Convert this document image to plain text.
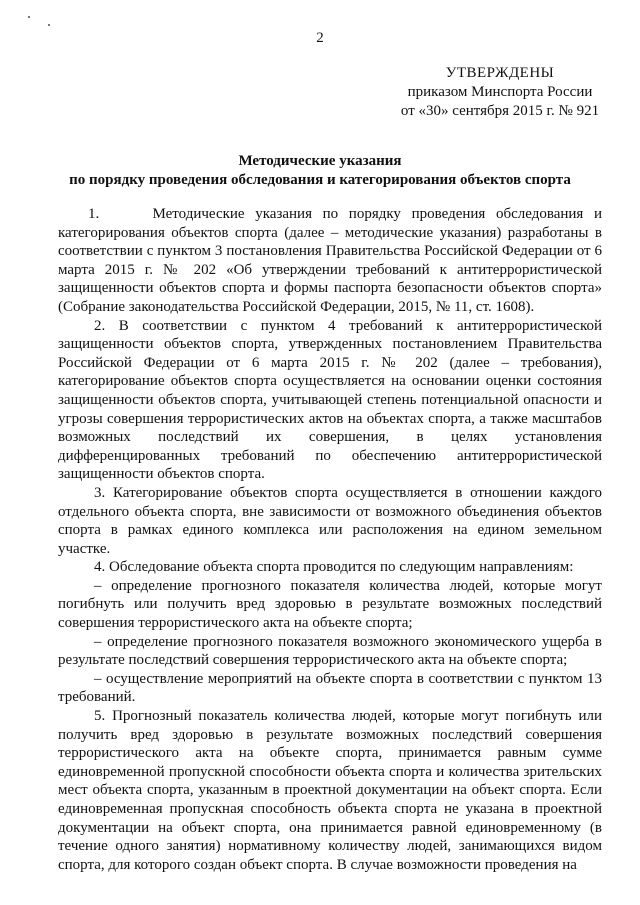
2
УТВЕРЖДЕНЫ
приказом Минспорта России
от «30» сентября 2015 г. № 921
Методические указания
по порядку проведения обследования и категорирования объектов спорта

1.     Методические указания по порядку проведения обследования и категорирования объектов спорта (далее – методические указания) разработаны в соответствии с пунктом 3 постановления Правительства Российской Федерации от 6 марта 2015 г. № 202 «Об утверждении требований к антитеррористической защищенности объектов спорта и формы паспорта безопасности объектов спорта» (Собрание законодательства Российской Федерации, 2015, № 11, ст. 1608).

2. В соответствии с пунктом 4 требований к антитеррористической защищенности объектов спорта, утвержденных постановлением Правительства Российской Федерации от 6 марта 2015 г. № 202 (далее – требования), категорирование объектов спорта осуществляется на основании оценки состояния защищенности объектов спорта, учитывающей степень потенциальной опасности и угрозы совершения террористических актов на объектах спорта, а также масштабов возможных последствий их совершения, в целях установления дифференцированных требований по обеспечению антитеррористической защищенности объектов спорта.

3. Категорирование объектов спорта осуществляется в отношении каждого отдельного объекта спорта, вне зависимости от возможного объединения объектов спорта в рамках единого комплекса или расположения на едином земельном участке.

4. Обследование объекта спорта проводится по следующим направлениям:

– определение прогнозного показателя количества людей, которые могут погибнуть или получить вред здоровью в результате возможных последствий совершения террористического акта на объекте спорта;

– определение прогнозного показателя возможного экономического ущерба в результате последствий совершения террористического акта на объекте спорта;

– осуществление мероприятий на объекте спорта в соответствии с пунктом 13 требований.

5. Прогнозный показатель количества людей, которые могут погибнуть или получить вред здоровью в результате возможных последствий совершения террористического акта на объекте спорта, принимается равным сумме единовременной пропускной способности объекта спорта и количества зрительских мест объекта спорта, указанным в проектной документации на объект спорта. Если единовременная пропускная способность объекта спорта не указана в проектной документации на объект спорта, она принимается равной единовременному (в течение одного занятия) нормативному количеству людей, занимающихся видом спорта, для которого создан объект спорта. В случае возможности проведения на
